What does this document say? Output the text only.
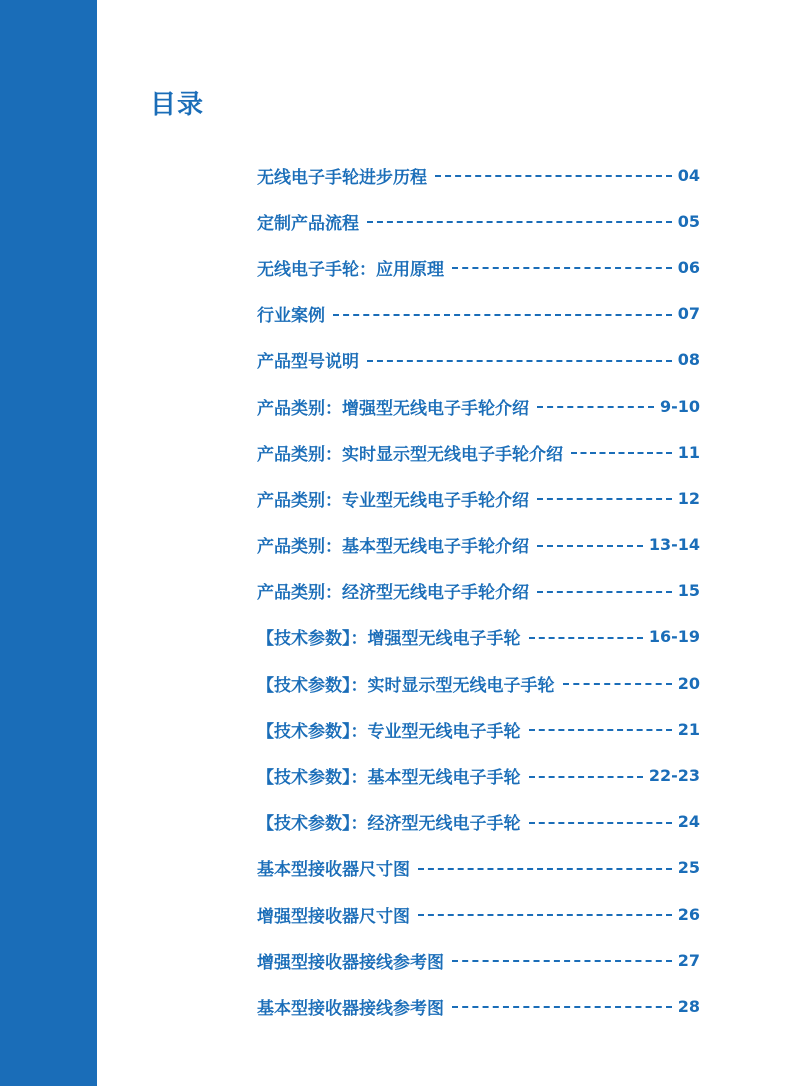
目录
无线电子手轮进步历程	04
定制产品流程	05
无线电子手轮：应用原理	06
行业案例	07
产品型号说明	08
产品类别：增强型无线电子手轮介绍	9-10
产品类别：实时显示型无线电子手轮介绍	11
产品类别：专业型无线电子手轮介绍	12
产品类别：基本型无线电子手轮介绍	13-14
产品类别：经济型无线电子手轮介绍	15
【技术参数】：增强型无线电子手轮	16-19
【技术参数】：实时显示型无线电子手轮	20
【技术参数】：专业型无线电子手轮	21
【技术参数】：基本型无线电子手轮	22-23
【技术参数】：经济型无线电子手轮	24
基本型接收器尺寸图	25
增强型接收器尺寸图	26
增强型接收器接线参考图	27
基本型接收器接线参考图	28
